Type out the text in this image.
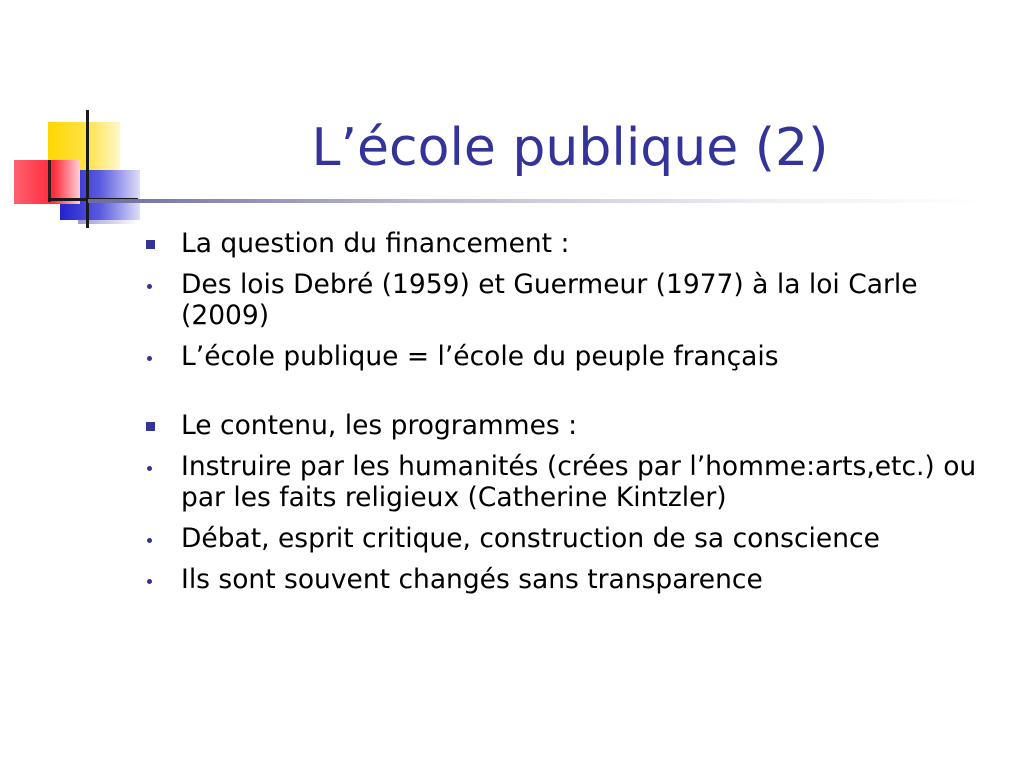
L’école publique (2)
La question du financement :
Des lois Debré (1959) et Guermeur (1977) à la loi Carle (2009)
L’école publique = l’école du peuple français
Le contenu, les programmes :
Instruire par les humanités (crées par l’homme:arts,etc.) ou par les faits religieux (Catherine Kintzler)
Débat, esprit critique, construction de sa conscience
Ils sont souvent changés sans transparence
